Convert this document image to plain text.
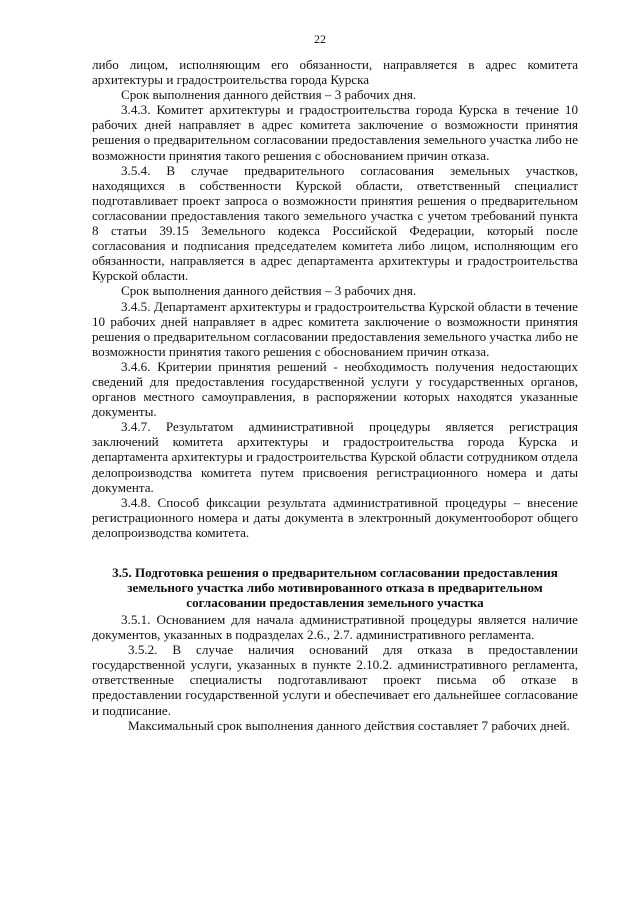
22

либо лицом, исполняющим его обязанности, направляется в адрес комитета архитектуры и градостроительства города Курска

Срок выполнения данного действия – 3 рабочих дня.

3.4.3. Комитет архитектуры и градостроительства города Курска в течение 10 рабочих дней направляет в адрес комитета заключение о возможности принятия решения о предварительном согласовании предоставления земельного участка либо не возможности принятия такого решения с обоснованием причин отказа.

3.5.4. В случае предварительного согласования земельных участков, находящихся в собственности Курской области, ответственный специалист подготавливает проект запроса о возможности принятия решения о предварительном согласовании предоставления такого земельного участка с учетом требований пункта 8 статьи 39.15 Земельного кодекса Российской Федерации, который после согласования и подписания председателем комитета либо лицом, исполняющим его обязанности, направляется в адрес департамента архитектуры и градостроительства Курской области.

Срок выполнения данного действия – 3 рабочих дня.

3.4.5. Департамент архитектуры и градостроительства Курской области в течение 10 рабочих дней направляет в адрес комитета заключение о возможности принятия решения о предварительном согласовании предоставления земельного участка либо не возможности принятия такого решения с обоснованием причин отказа.

3.4.6. Критерии принятия решений - необходимость получения недостающих сведений для предоставления государственной услуги у государственных органов, органов местного самоуправления, в распоряжении которых находятся указанные документы.

3.4.7. Результатом административной процедуры является регистрация заключений комитета архитектуры и градостроительства города Курска и департамента архитектуры и градостроительства Курской области сотрудником отдела делопроизводства комитета путем присвоения регистрационного номера и даты документа.

3.4.8. Способ фиксации результата административной процедуры – внесение регистрационного номера и даты документа в электронный документооборот общего делопроизводства комитета.

3.5. Подготовка решения о предварительном согласовании предоставления земельного участка либо мотивированного отказа в предварительном согласовании предоставления земельного участка

3.5.1. Основанием для начала административной процедуры является наличие документов, указанных в подразделах 2.6., 2.7. административного регламента.

3.5.2. В случае наличия оснований для отказа в предоставлении государственной услуги, указанных в пункте 2.10.2. административного регламента, ответственные специалисты подготавливают проект письма об отказе в предоставлении государственной услуги и обеспечивает его дальнейшее согласование и подписание.

Максимальный срок выполнения данного действия составляет 7 рабочих дней.
